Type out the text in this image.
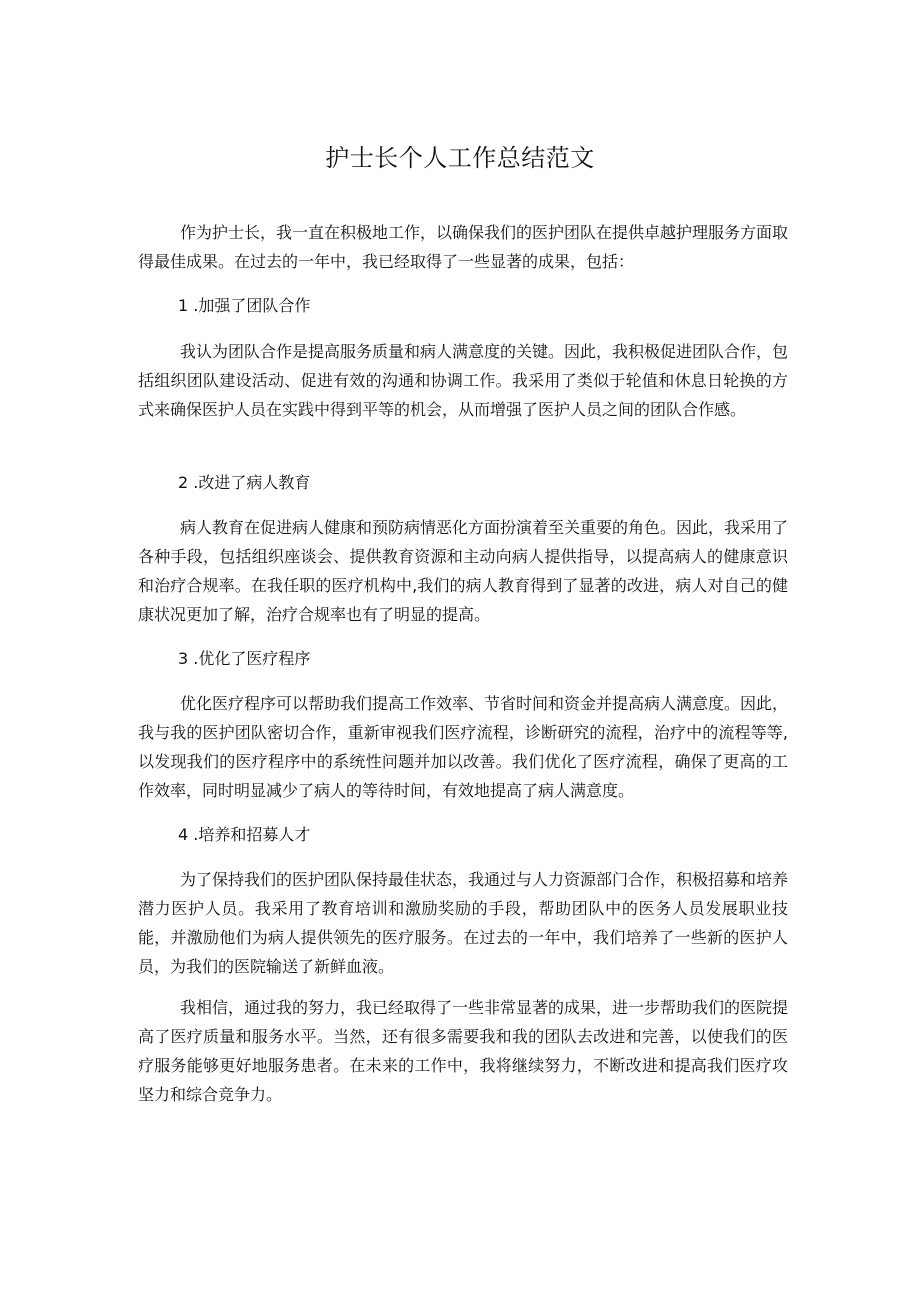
护士长个人工作总结范文

作为护士长，我一直在积极地工作，以确保我们的医护团队在提供卓越护理服务方面取得最佳成果。在过去的一年中，我已经取得了一些显著的成果，包括：

1 .加强了团队合作

我认为团队合作是提高服务质量和病人满意度的关键。因此，我积极促进团队合作，包括组织团队建设活动、促进有效的沟通和协调工作。我采用了类似于轮值和休息日轮换的方式来确保医护人员在实践中得到平等的机会，从而增强了医护人员之间的团队合作感。

2 .改进了病人教育

病人教育在促进病人健康和预防病情恶化方面扮演着至关重要的角色。因此，我采用了各种手段，包括组织座谈会、提供教育资源和主动向病人提供指导，以提高病人的健康意识和治疗合规率。在我任职的医疗机构中,我们的病人教育得到了显著的改进，病人对自己的健康状况更加了解，治疗合规率也有了明显的提高。

3 .优化了医疗程序

优化医疗程序可以帮助我们提高工作效率、节省时间和资金并提高病人满意度。因此，我与我的医护团队密切合作，重新审视我们医疗流程，诊断研究的流程，治疗中的流程等等,以发现我们的医疗程序中的系统性问题并加以改善。我们优化了医疗流程，确保了更高的工作效率，同时明显减少了病人的等待时间，有效地提高了病人满意度。

4 .培养和招募人才

为了保持我们的医护团队保持最佳状态，我通过与人力资源部门合作，积极招募和培养潜力医护人员。我采用了教育培训和激励奖励的手段，帮助团队中的医务人员发展职业技能，并激励他们为病人提供领先的医疗服务。在过去的一年中，我们培养了一些新的医护人员，为我们的医院输送了新鲜血液。

我相信，通过我的努力，我已经取得了一些非常显著的成果，进一步帮助我们的医院提高了医疗质量和服务水平。当然，还有很多需要我和我的团队去改进和完善，以使我们的医疗服务能够更好地服务患者。在未来的工作中，我将继续努力，不断改进和提高我们医疗攻坚力和综合竞争力。
